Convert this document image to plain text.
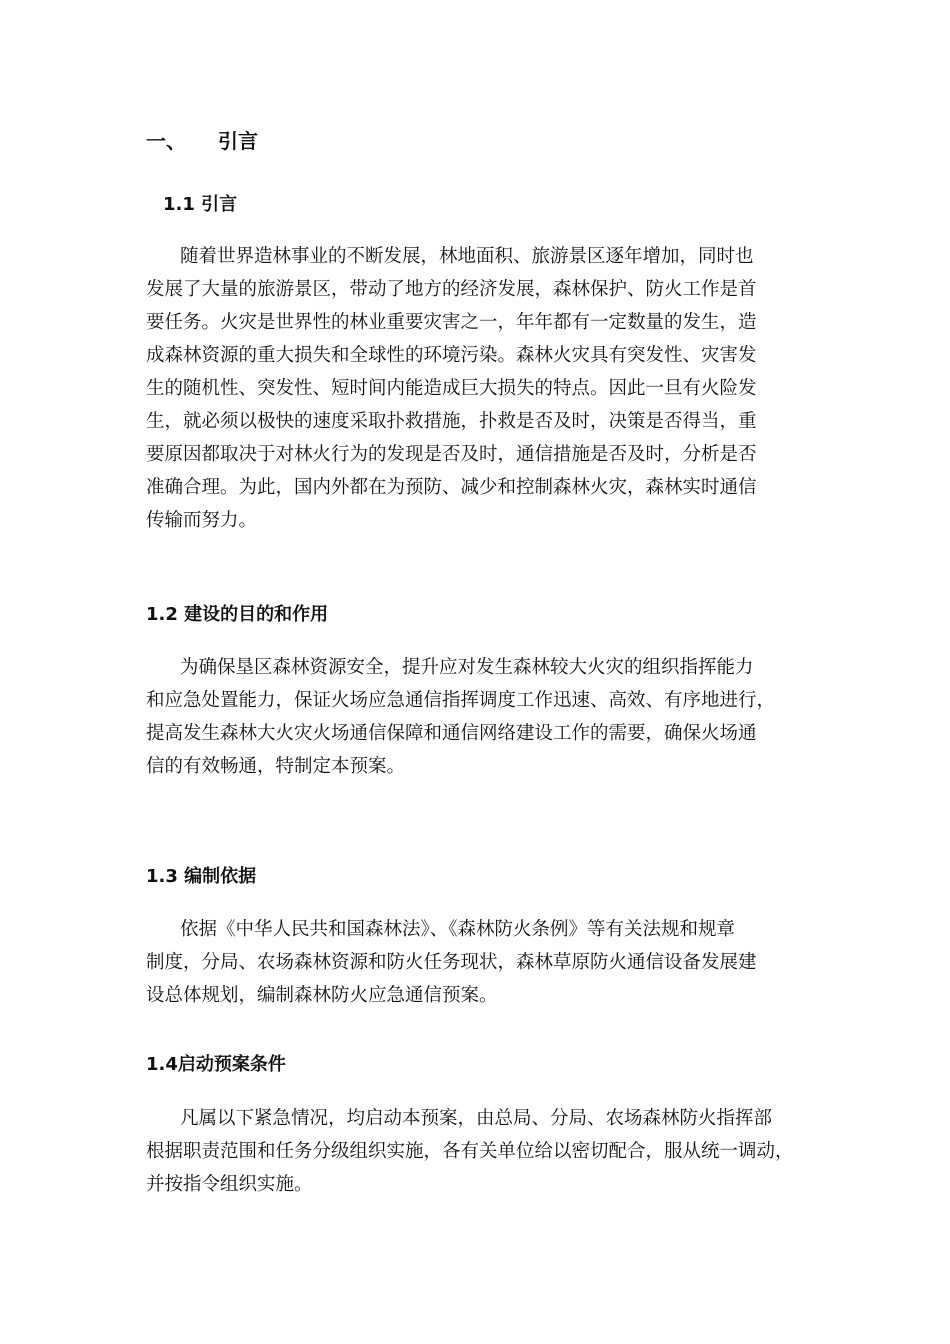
一、 引言
1.1 引言
随着世界造林事业的不断发展，林地面积、旅游景区逐年增加，同时也
发展了大量的旅游景区，带动了地方的经济发展，森林保护、防火工作是首
要任务。火灾是世界性的林业重要灾害之一，年年都有一定数量的发生，造
成森林资源的重大损失和全球性的环境污染。森林火灾具有突发性、灾害发
生的随机性、突发性、短时间内能造成巨大损失的特点。因此一旦有火险发
生，就必须以极快的速度采取扑救措施，扑救是否及时，决策是否得当，重
要原因都取决于对林火行为的发现是否及时，通信措施是否及时，分析是否
准确合理。为此，国内外都在为预防、减少和控制森林火灾，森林实时通信
传输而努力。
1.2 建设的目的和作用
为确保垦区森林资源安全，提升应对发生森林较大火灾的组织指挥能力
和应急处置能力，保证火场应急通信指挥调度工作迅速、高效、有序地进行，
提高发生森林大火灾火场通信保障和通信网络建设工作的需要，确保火场通
信的有效畅通，特制定本预案。
1.3 编制依据
依据《中华人民共和国森林法》、《森林防火条例》等有关法规和规章
制度，分局、农场森林资源和防火任务现状，森林草原防火通信设备发展建
设总体规划，编制森林防火应急通信预案。
1.4启动预案条件
凡属以下紧急情况，均启动本预案，由总局、分局、农场森林防火指挥部
根据职责范围和任务分级组织实施，各有关单位给以密切配合，服从统一调动，
并按指令组织实施。
